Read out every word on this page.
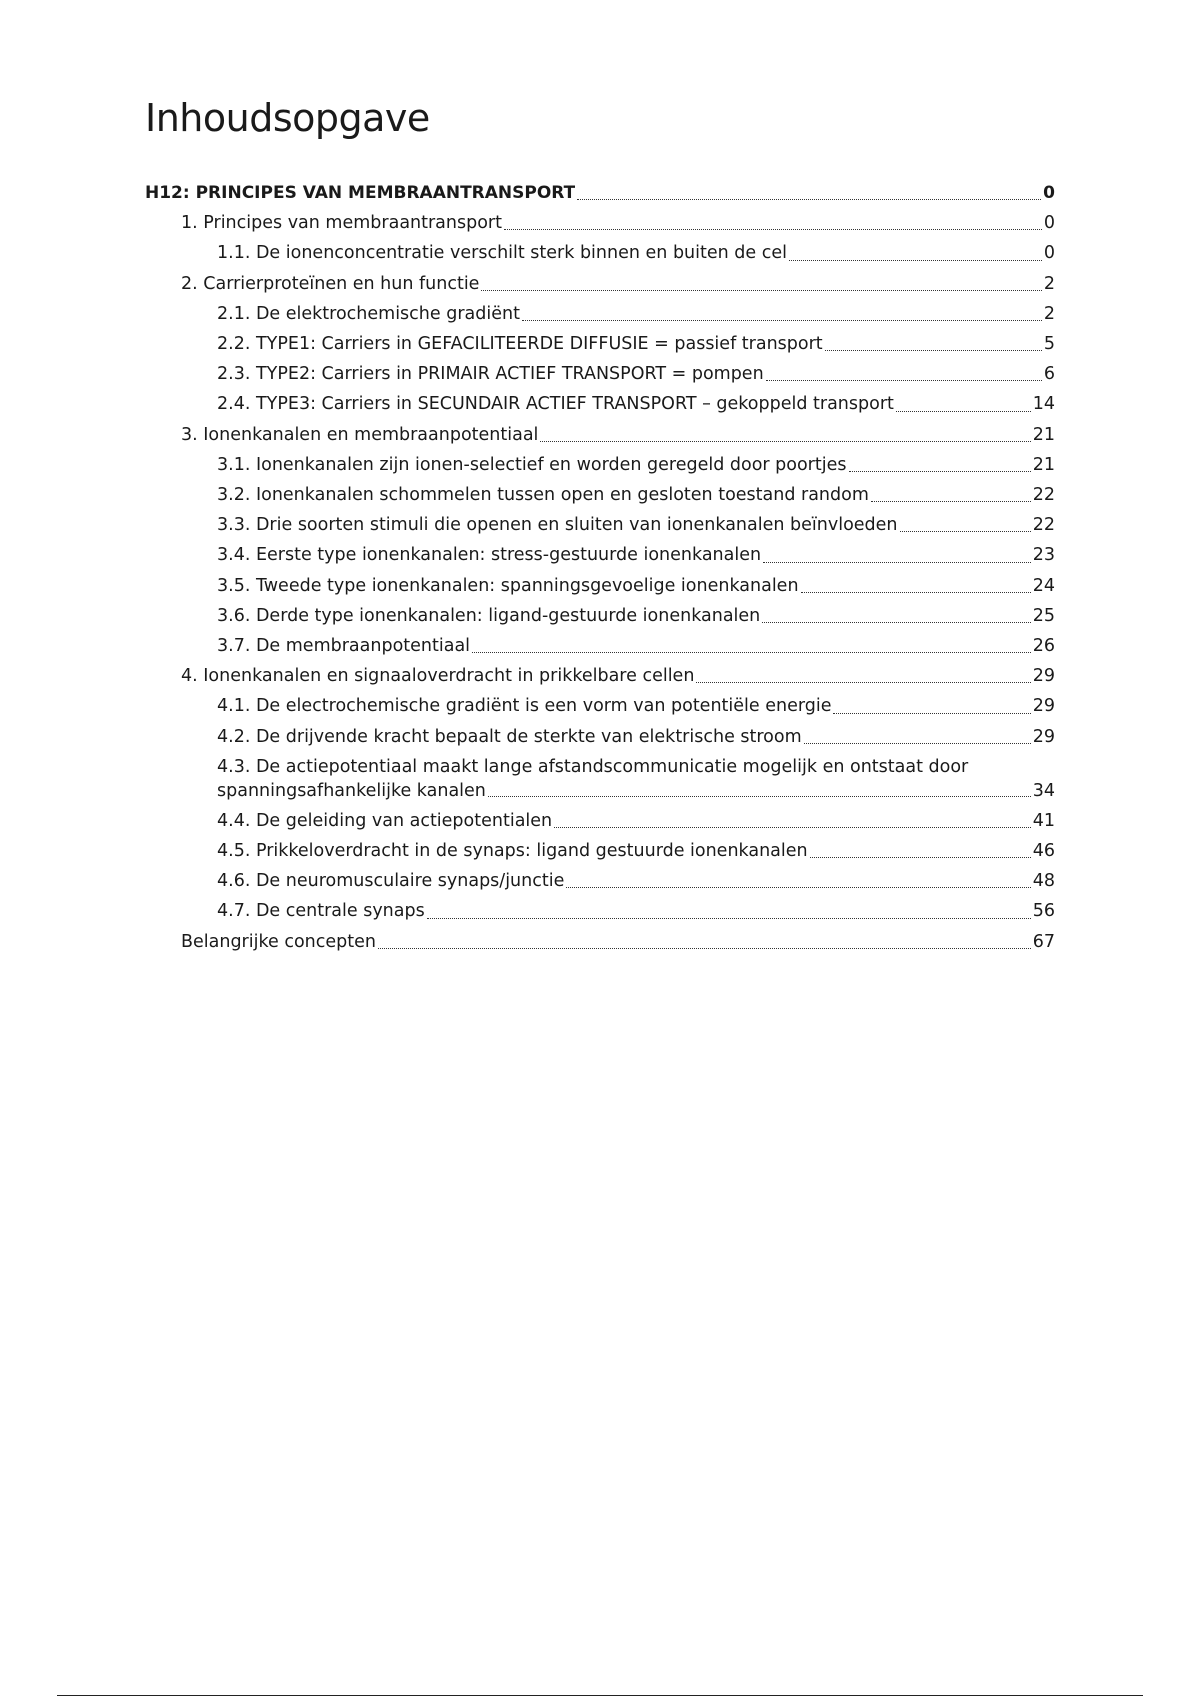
Inhoudsopgave
H12: PRINCIPES VAN MEMBRAANTRANSPORT	0
1. Principes van membraantransport	0
1.1. De ionenconcentratie verschilt sterk binnen en buiten de cel	0
2. Carrierproteïnen en hun functie	2
2.1. De elektrochemische gradiënt	2
2.2. TYPE1: Carriers in GEFACILITEERDE DIFFUSIE = passief transport	5
2.3. TYPE2: Carriers in PRIMAIR ACTIEF TRANSPORT = pompen	6
2.4. TYPE3: Carriers in SECUNDAIR ACTIEF TRANSPORT – gekoppeld transport	14
3. Ionenkanalen en membraanpotentiaal	21
3.1. Ionenkanalen zijn ionen-selectief en worden geregeld door poortjes	21
3.2. Ionenkanalen schommelen tussen open en gesloten toestand random	22
3.3. Drie soorten stimuli die openen en sluiten van ionenkanalen beïnvloeden	22
3.4. Eerste type ionenkanalen: stress-gestuurde ionenkanalen	23
3.5. Tweede type ionenkanalen: spanningsgevoelige ionenkanalen	24
3.6. Derde type ionenkanalen: ligand-gestuurde ionenkanalen	25
3.7. De membraanpotentiaal	26
4. Ionenkanalen en signaaloverdracht in prikkelbare cellen	29
4.1. De electrochemische gradiënt is een vorm van potentiële energie	29
4.2. De drijvende kracht bepaalt de sterkte van elektrische stroom	29
4.3. De actiepotentiaal maakt lange afstandscommunicatie mogelijk en ontstaat door
spanningsafhankelijke kanalen	34
4.4. De geleiding van actiepotentialen	41
4.5. Prikkeloverdracht in de synaps: ligand gestuurde ionenkanalen	46
4.6. De neuromusculaire synaps/junctie	48
4.7. De centrale synaps	56
Belangrijke concepten	67
